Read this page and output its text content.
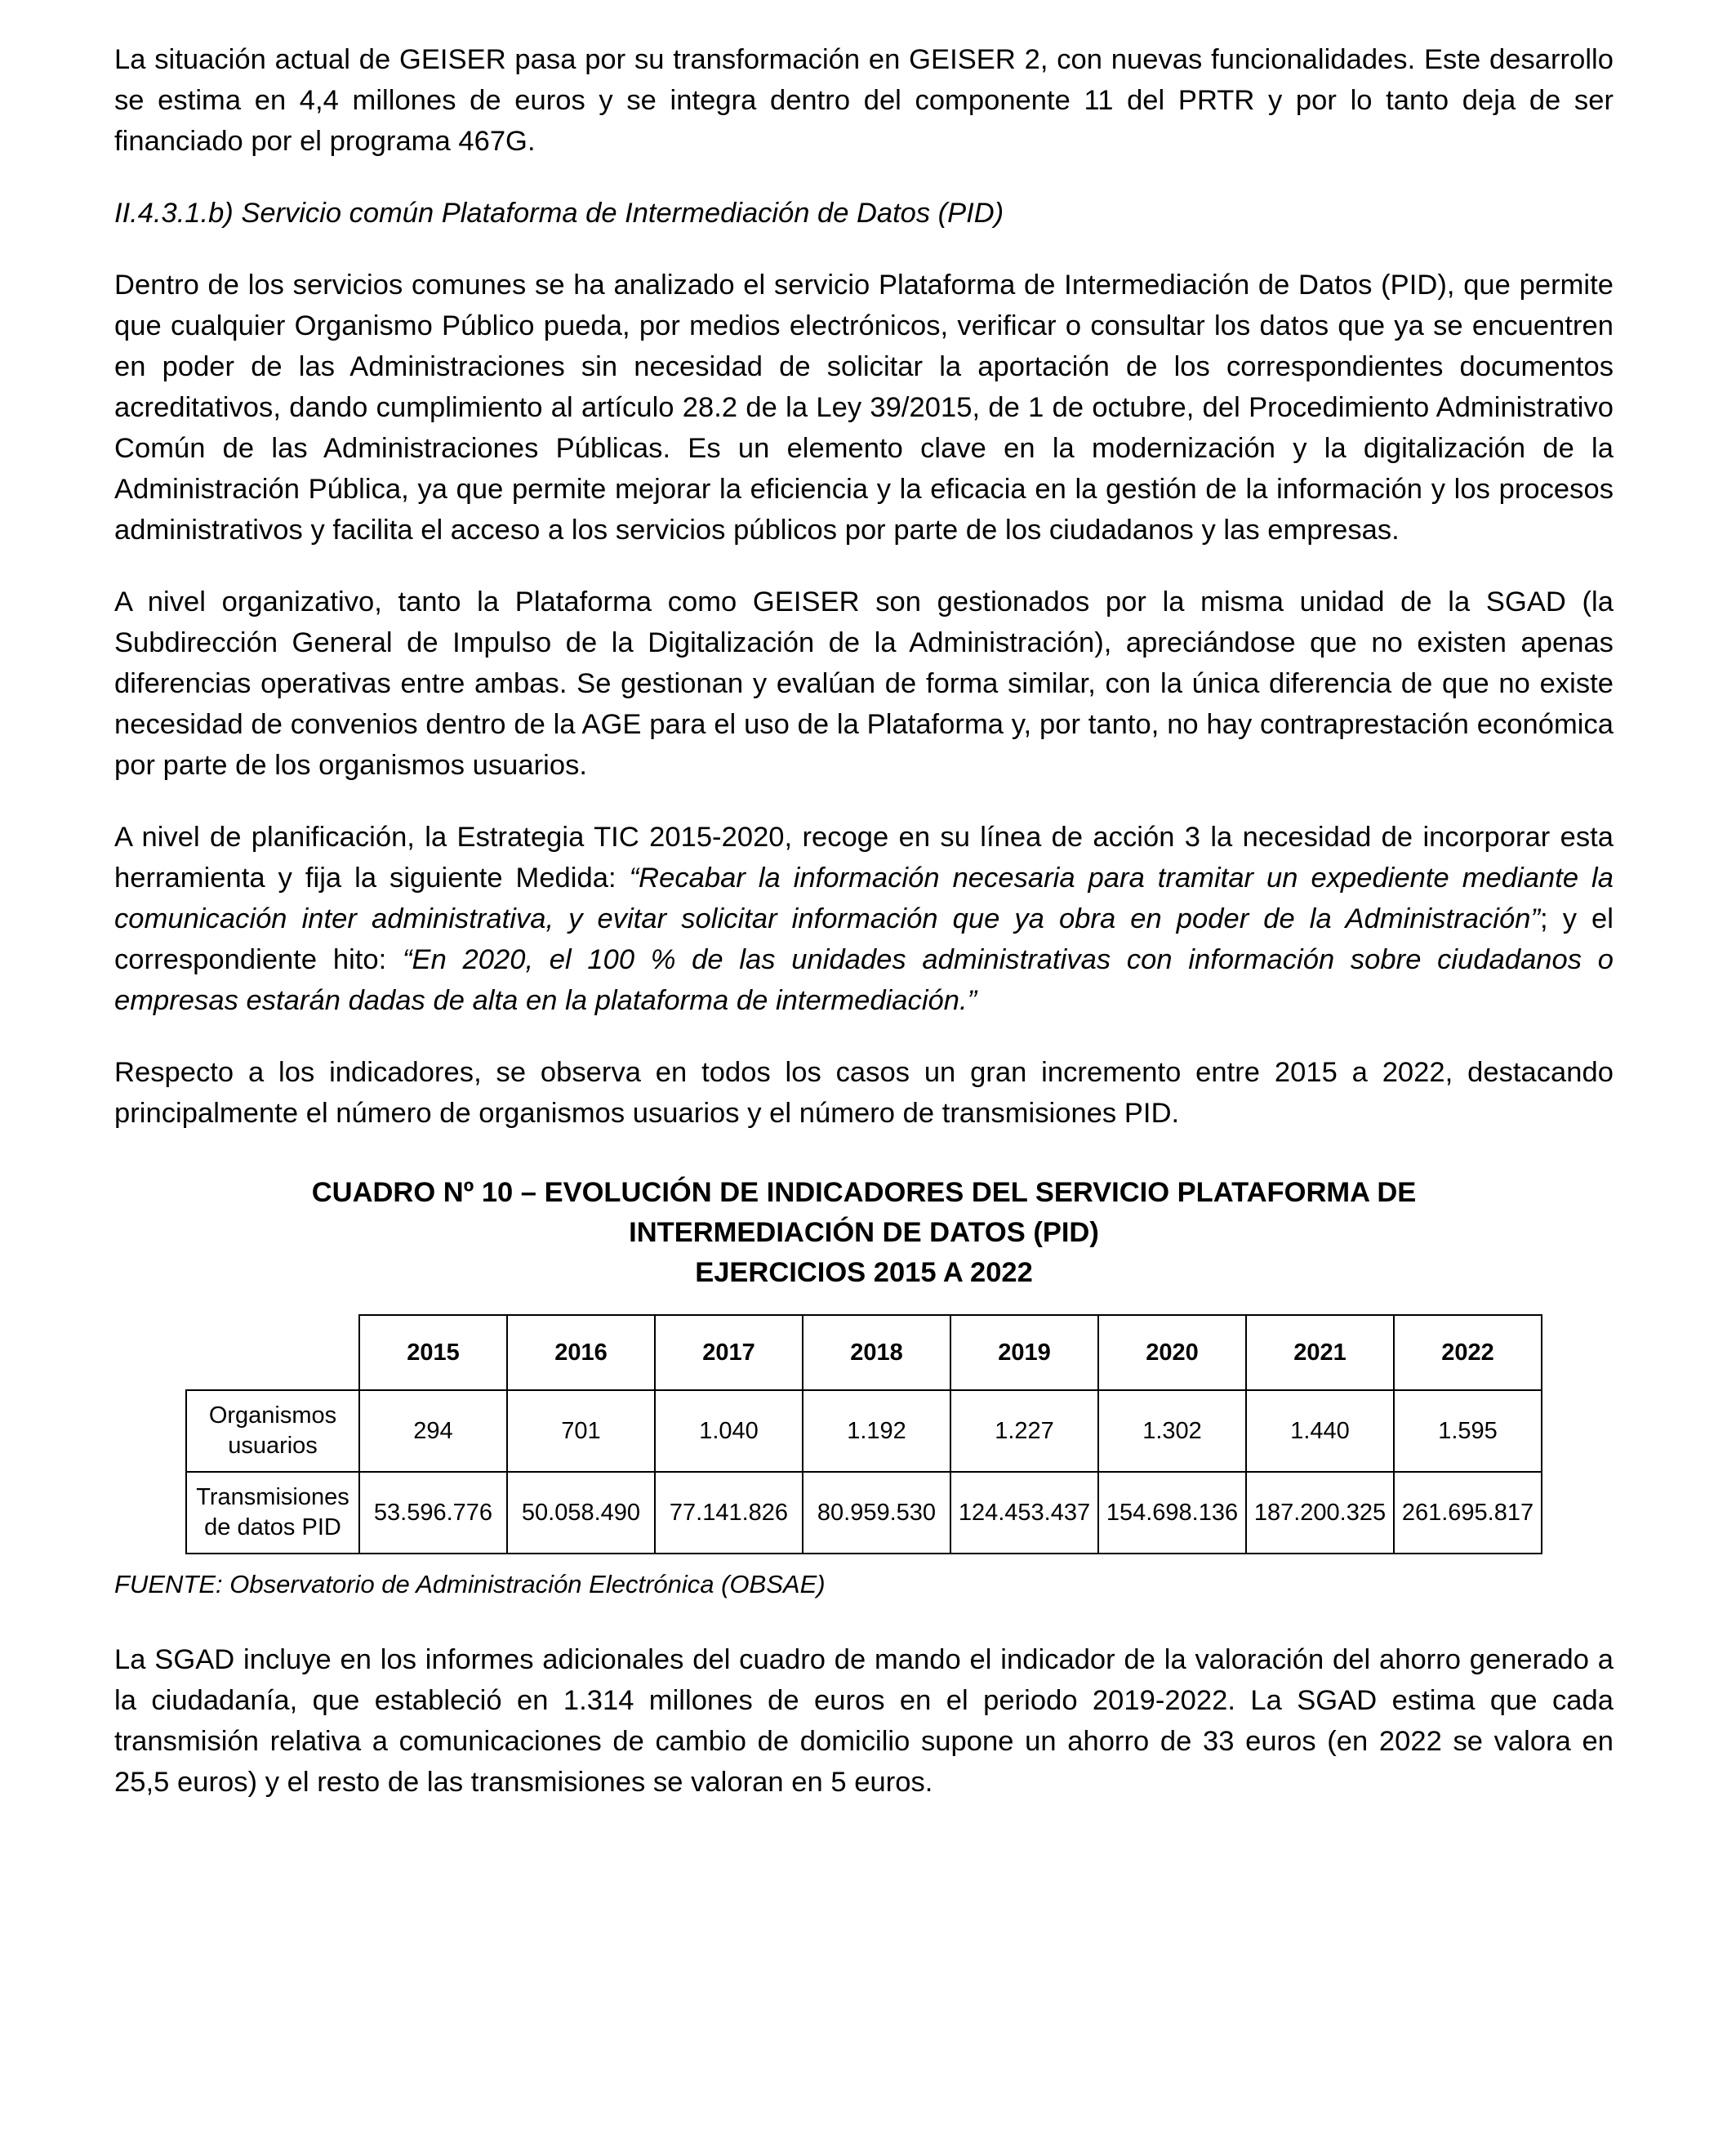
La situación actual de GEISER pasa por su transformación en GEISER 2, con nuevas funcionalidades. Este desarrollo se estima en 4,4 millones de euros y se integra dentro del componente 11 del PRTR y por lo tanto deja de ser financiado por el programa 467G.

II.4.3.1.b) Servicio común Plataforma de Intermediación de Datos (PID)

Dentro de los servicios comunes se ha analizado el servicio Plataforma de Intermediación de Datos (PID), que permite que cualquier Organismo Público pueda, por medios electrónicos, verificar o consultar los datos que ya se encuentren en poder de las Administraciones sin necesidad de solicitar la aportación de los correspondientes documentos acreditativos, dando cumplimiento al artículo 28.2 de la Ley 39/2015, de 1 de octubre, del Procedimiento Administrativo Común de las Administraciones Públicas. Es un elemento clave en la modernización y la digitalización de la Administración Pública, ya que permite mejorar la eficiencia y la eficacia en la gestión de la información y los procesos administrativos y facilita el acceso a los servicios públicos por parte de los ciudadanos y las empresas.

A nivel organizativo, tanto la Plataforma como GEISER son gestionados por la misma unidad de la SGAD (la Subdirección General de Impulso de la Digitalización de la Administración), apreciándose que no existen apenas diferencias operativas entre ambas. Se gestionan y evalúan de forma similar, con la única diferencia de que no existe necesidad de convenios dentro de la AGE para el uso de la Plataforma y, por tanto, no hay contraprestación económica por parte de los organismos usuarios.

A nivel de planificación, la Estrategia TIC 2015-2020, recoge en su línea de acción 3 la necesidad de incorporar esta herramienta y fija la siguiente Medida: “Recabar la información necesaria para tramitar un expediente mediante la comunicación inter administrativa, y evitar solicitar información que ya obra en poder de la Administración”; y el correspondiente hito: “En 2020, el 100 % de las unidades administrativas con información sobre ciudadanos o empresas estarán dadas de alta en la plataforma de intermediación.”

Respecto a los indicadores, se observa en todos los casos un gran incremento entre 2015 a 2022, destacando principalmente el número de organismos usuarios y el número de transmisiones PID.

CUADRO Nº 10 – EVOLUCIÓN DE INDICADORES DEL SERVICIO PLATAFORMA DE
INTERMEDIACIÓN DE DATOS (PID)
EJERCICIOS 2015 A 2022
	2015	2016	2017	2018	2019	2020	2021	2022
Organismos
usuarios	294	701	1.040	1.192	1.227	1.302	1.440	1.595
Transmisiones
de datos PID	53.596.776	50.058.490	77.141.826	80.959.530	124.453.437	154.698.136	187.200.325	261.695.817
FUENTE: Observatorio de Administración Electrónica (OBSAE)

La SGAD incluye en los informes adicionales del cuadro de mando el indicador de la valoración del ahorro generado a la ciudadanía, que estableció en 1.314 millones de euros en el periodo 2019-2022. La SGAD estima que cada transmisión relativa a comunicaciones de cambio de domicilio supone un ahorro de 33 euros (en 2022 se valora en 25,5 euros) y el resto de las transmisiones se valoran en 5 euros.
